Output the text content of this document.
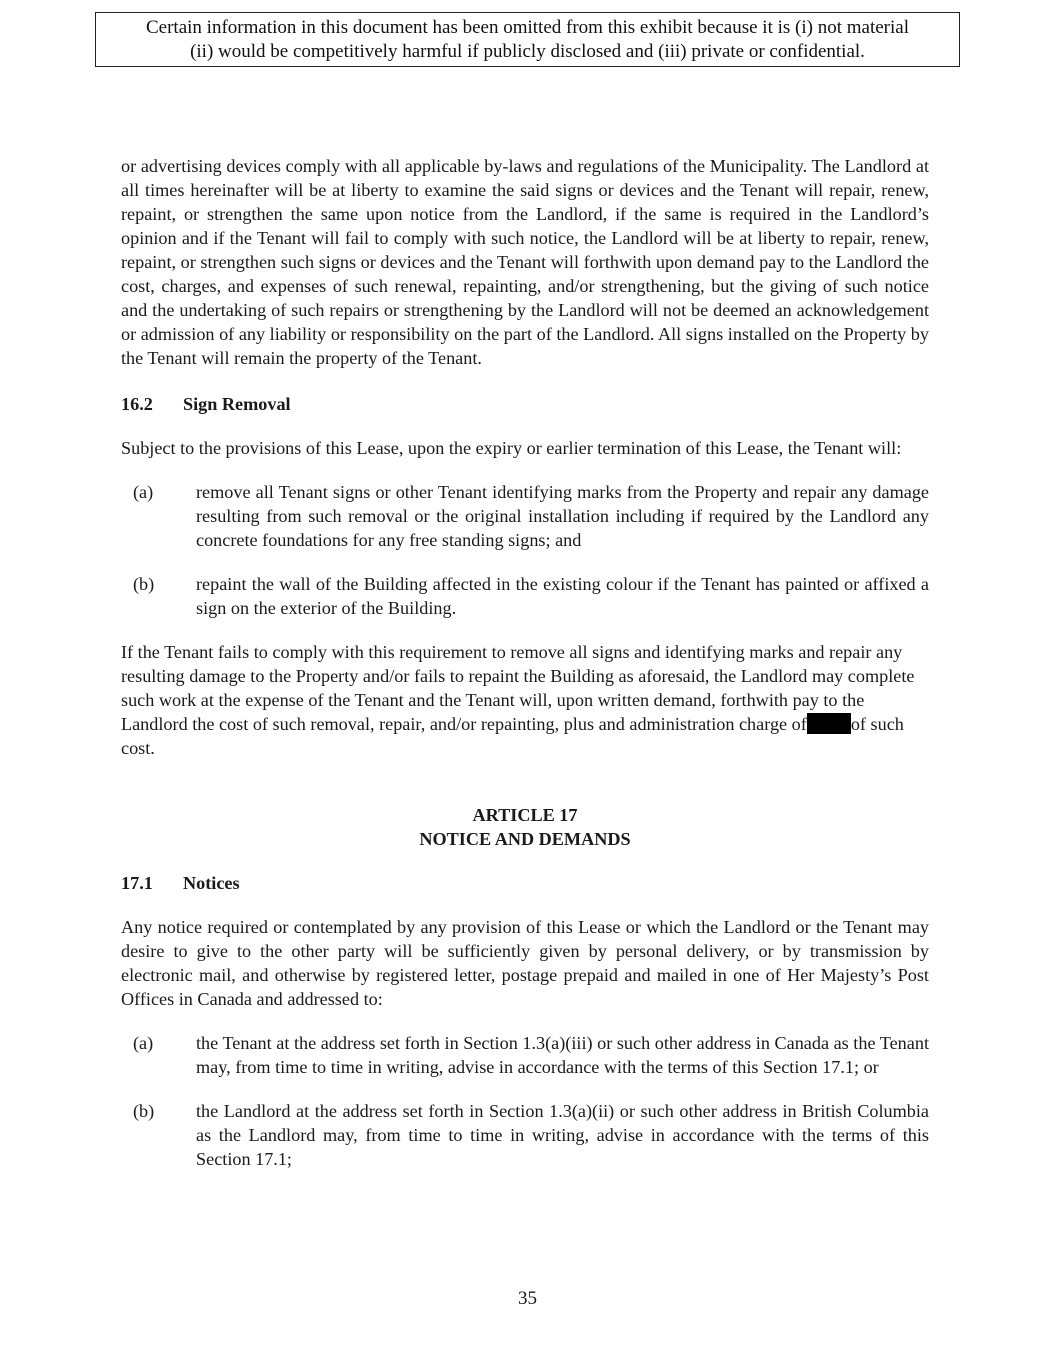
Certain information in this document has been omitted from this exhibit because it is (i) not material
(ii) would be competitively harmful if publicly disclosed and (iii) private or confidential.

or advertising devices comply with all applicable by-laws and regulations of the Municipality. The Landlord at all times hereinafter will be at liberty to examine the said signs or devices and the Tenant will repair, renew, repaint, or strengthen the same upon notice from the Landlord, if the same is required in the Landlord’s opinion and if the Tenant will fail to comply with such notice, the Landlord will be at liberty to repair, renew, repaint, or strengthen such signs or devices and the Tenant will forthwith upon demand pay to the Landlord the cost, charges, and expenses of such renewal, repainting, and/or strengthening, but the giving of such notice and the undertaking of such repairs or strengthening by the Landlord will not be deemed an acknowledgement or admission of any liability or responsibility on the part of the Landlord. All signs installed on the Property by the Tenant will remain the property of the Tenant.

16.2 Sign Removal

Subject to the provisions of this Lease, upon the expiry or earlier termination of this Lease, the Tenant will:

(a)	remove all Tenant signs or other Tenant identifying marks from the Property and repair any damage resulting from such removal or the original installation including if required by the Landlord any concrete foundations for any free standing signs; and
(b)	repaint the wall of the Building affected in the existing colour if the Tenant has painted or affixed a sign on the exterior of the Building.

If the Tenant fails to comply with this requirement to remove all signs and identifying marks and repair any resulting damage to the Property and/or fails to repaint the Building as aforesaid, the Landlord may complete such work at the expense of the Tenant and the Tenant will, upon written demand, forthwith pay to the Landlord the cost of such removal, repair, and/or repainting, plus and administration charge of of such cost.

ARTICLE 17

NOTICE AND DEMANDS

17.1 Notices

Any notice required or contemplated by any provision of this Lease or which the Landlord or the Tenant may desire to give to the other party will be sufficiently given by personal delivery, or by transmission by electronic mail, and otherwise by registered letter, postage prepaid and mailed in one of Her Majesty’s Post Offices in Canada and addressed to:

(a)	the Tenant at the address set forth in Section 1.3(a)(iii) or such other address in Canada as the Tenant may, from time to time in writing, advise in accordance with the terms of this Section 17.1; or
(b)	the Landlord at the address set forth in Section 1.3(a)(ii) or such other address in British Columbia as the Landlord may, from time to time in writing, advise in accordance with the terms of this Section 17.1;
35
